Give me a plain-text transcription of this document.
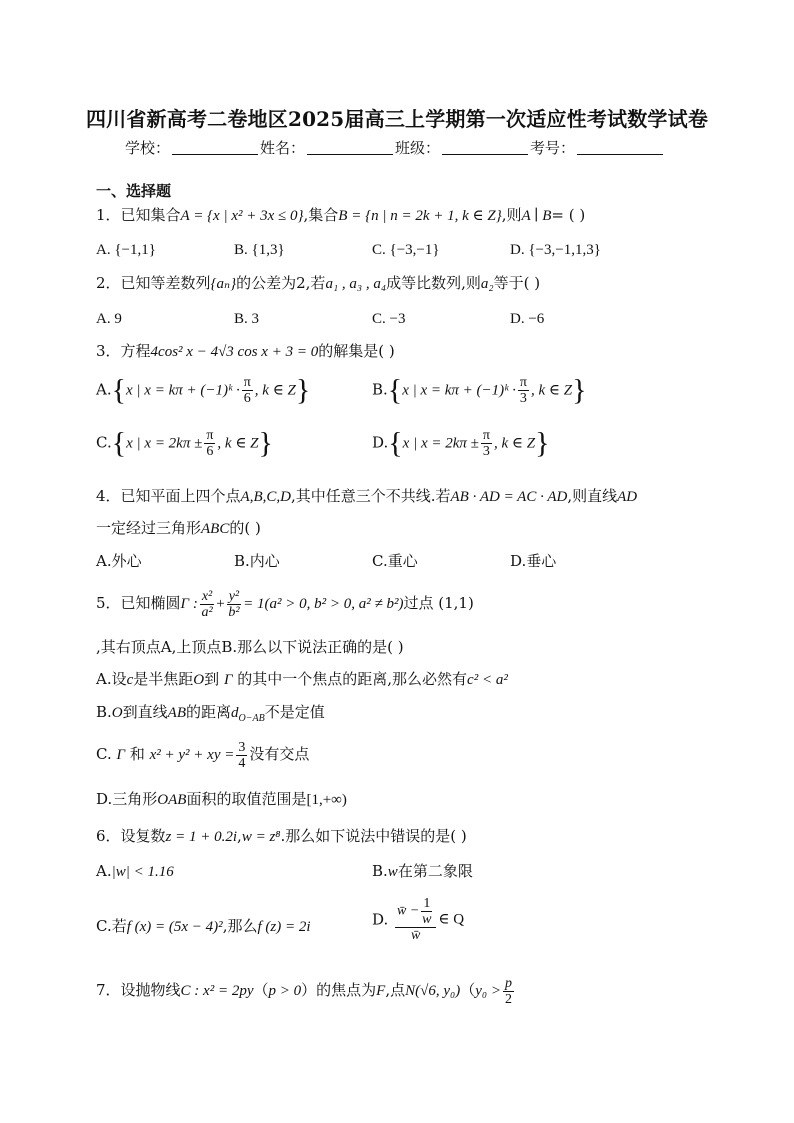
四川省新高考二卷地区2025届高三上学期第一次适应性考试数学试卷
学校：	姓名：	班级：	考号：
一、选择题
1．已知集合A = {x | x² + 3x ≤ 0},集合B = {n | n = 2k + 1, k ∈ Z},则A ∣ B= ( )
A. {−1,1}	B. {1,3}	C. {−3,−1}	D. {−3,−1,1,3}
2．已知等差数列{aₙ}的公差为2,若a₁ , a₃ , a₄成等比数列,则a₂等于( )
A. 9	B. 3	C. −3	D. −6
3．方程4cos² x − 4√3 cos x + 3 = 0的解集是( )
A.{x | x = kπ + (−1)ᵏ · $\frac{\pi}{6}$ , k ∈ Z}	B.{x | x = kπ + (−1)ᵏ · $\frac{\pi}{3}$ , k ∈ Z}
C.{x | $x = 2k\pi \pm \frac{\pi}{6}$ , k ∈ Z}	D.{x | $x = 2k\pi \pm \frac{\pi}{3}$ , k ∈ Z}
4．已知平面上四个点A,B,C,D,其中任意三个不共线.若AB · AD = AC · AD,则直线AD
一定经过三角形ABC的( )
A.外心	B.内心	C.重心	D.垂心
5．已知椭圆Γ : $\frac{\text{x²}}{\text{a²}} + \frac{\text{y²}}{\text{b²}} = 1(a^2 > 0$, b² > 0, a² ≠ b²)过点 (1,1)
,其右顶点A,上顶点B.那么以下说法正确的是( )
A.设c是半焦距O到 Γ 的其中一个焦点的距离,那么必然有c² < a²
B.O到直线AB的距离$d_{O-AB}$不是定值
C. Γ 和 x² + y² + xy = $\frac{3}{4}$ 没有交点
D.三角形OAB面积的取值范围是[1,+∞)
6．设复数z = 1 + 0.2i,w = z⁸.那么如下说法中错误的是( )
A.|w| < 1.16	B.w在第二象限
C.若f (x) = (5x − 4)²,那么f (z) = 2i	D. $\frac{w̄ - \frac{1}{w}}{w̄}$ ∈ Q
7．设抛物线C : x² = 2py（p > 0）的焦点为F,点N(√6, $y_0)(y_0 > \frac{p}{2}$
